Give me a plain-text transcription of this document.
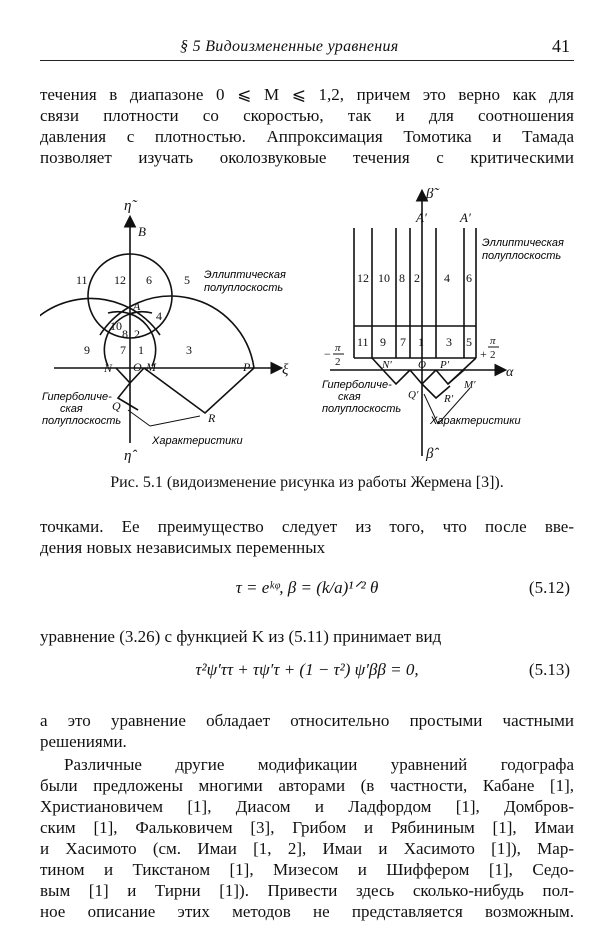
§ 5 Видоизмененные уравнения	41
течения в диапазоне 0 ⩽ M ⩽ 1,2, причем это верно как для
связи плотности со скоростью, так и для соотношения
давления с плотностью. Аппроксимация Томотика и Тамада
позволяет изучать околозвуковые течения с критическими
η̃
η̂
ξ
B
A
N O M	P
Q
R
11 12 6	5
10
4
8 2
9	7 1	3
Эллиптическая
полуплоскость
Гиперболиче-
ская
полуплоскость
Характеристики
β̃
β̂
α
A′	A′
12 10 8 2 4 6
11 9 7 1 3 5
N′ O P′
M′
Q′ R′
− π
2
+
π
2
Эллиптическая
полуплоскость
Гиперболиче-
ская
полуплоскость
Характеристики
Рис. 5.1 (видоизменение рисунка из работы Жермена [3]).
точками. Ее преимущество следует из того, что после вве-
дения новых независимых переменных
τ = eᵏᵠ, β = (k/a)¹ᐟ² θ	(5.12)
уравнение (3.26) с функцией K из (5.11) принимает вид
τ²ψ′ττ + τψ′τ + (1 − τ²) ψ′ββ = 0,	(5.13)
а это уравнение обладает относительно простыми частными
решениями.
Различные другие модификации уравнений годографа
были предложены многими авторами (в частности, Кабане [1],
Христиановичем [1], Диасом и Ладфордом [1], Домбров-
ским [1], Фальковичем [3], Грибом и Рябининым [1], Имаи
и Хасимото (см. Имаи [1, 2], Имаи и Хасимото [1]), Мар-
тином и Тикстаном [1], Мизесом и Шиффером [1], Седо-
вым [1] и Тирни [1]). Привести здесь сколько-нибудь пол-
ное описание этих методов не представляется возможным.
